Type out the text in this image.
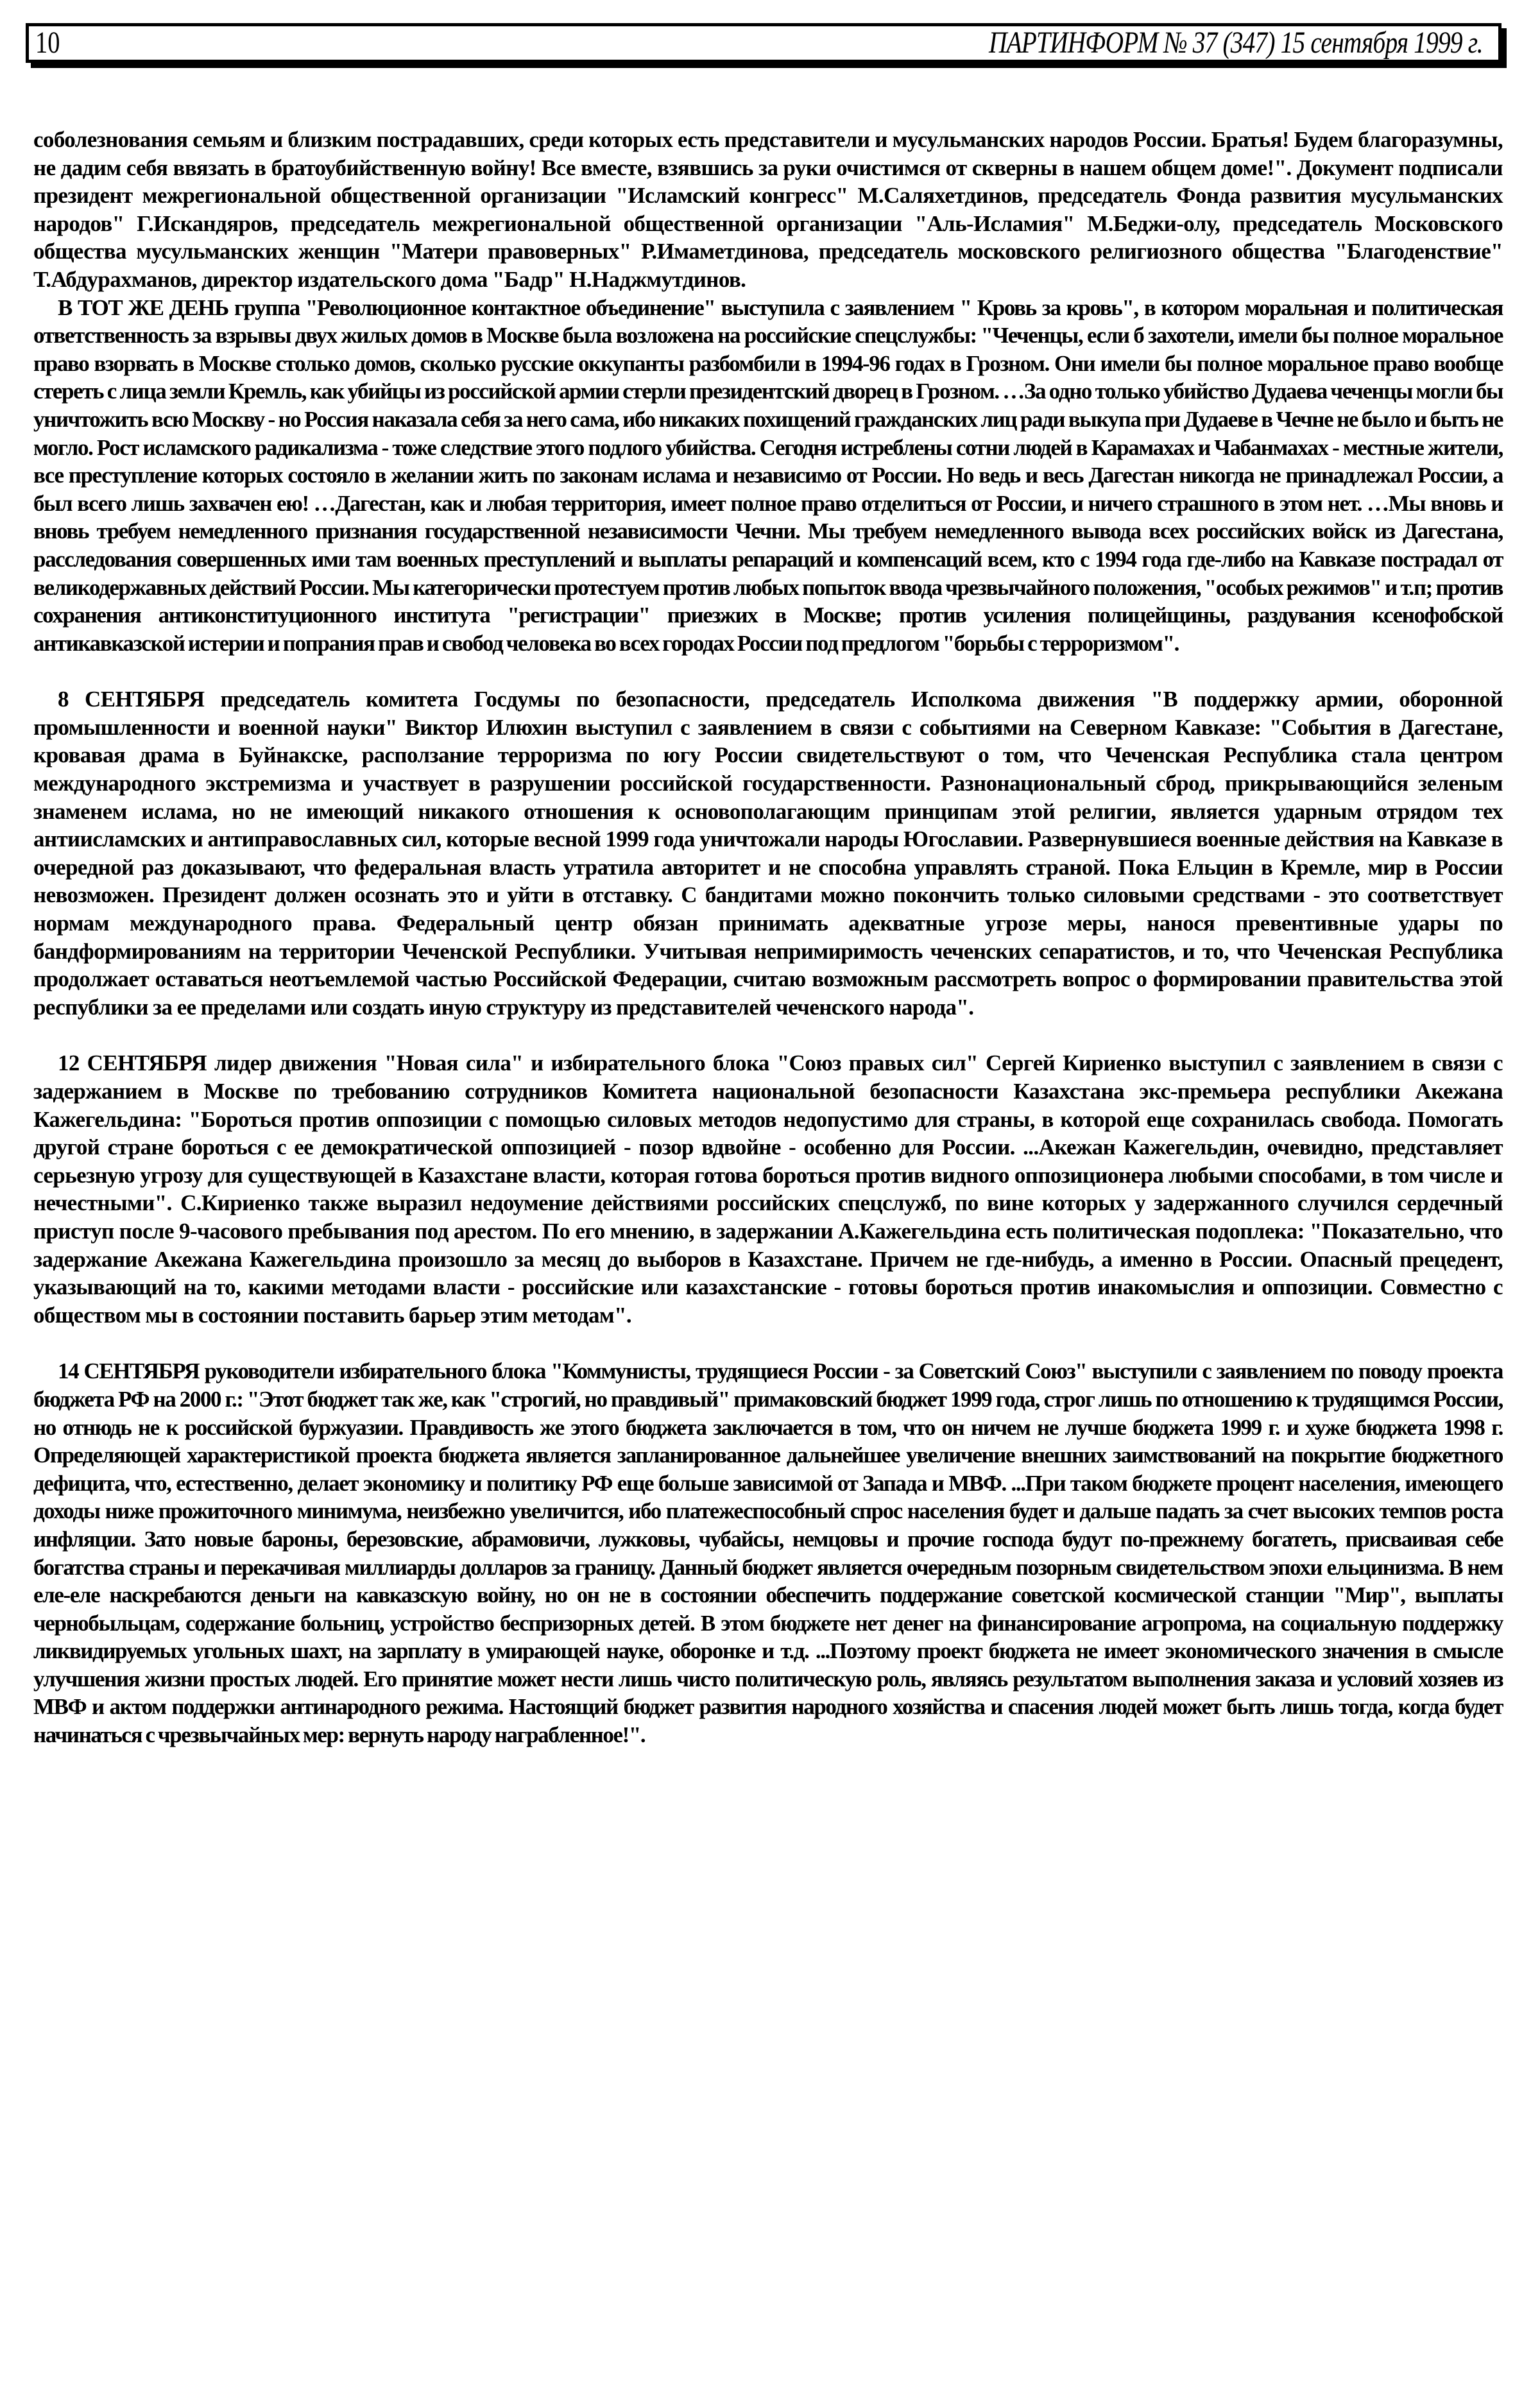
10	ПАРТИНФОРМ № 37 (347) 15 сентября 1999 г.

соболезнования семьям и близким пострадавших, среди которых есть представители и мусульманских народов России. Братья! Будем благоразумны, не дадим себя ввязать в братоубийственную войну! Все вместе, взявшись за руки очистимся от скверны в нашем общем доме!". Документ подписали президент межрегиональной общественной организации "Исламский конгресс" М.Саляхетдинов, председатель Фонда развития мусульманских народов" Г.Искандяров, председатель межрегиональной общественной организации "Аль-Исламия" М.Беджи-олу, председатель Московского общества мусульманских женщин "Матери правоверных" Р.Имаметдинова, председатель московского религиозного общества "Благоденствие" Т.Абдурахманов, директор издательского дома "Бадр" Н.Наджмутдинов.

В ТОТ ЖЕ ДЕНЬ группа "Революционное контактное объединение" выступила с заявлением " Кровь за кровь", в котором моральная и политическая ответственность за взрывы двух жилых домов в Москве была возложена на российские спецслужбы: "Чеченцы, если б захотели, имели бы полное моральное право взорвать в Москве столько домов, сколько русские оккупанты разбомбили в 1994-96 годах в Грозном. Они имели бы полное моральное право вообще стереть с лица земли Кремль, как убийцы из российской армии стерли президентский дворец в Грозном. …За одно только убийство Дудаева чеченцы могли бы уничтожить всю Москву - но Россия наказала себя за него сама, ибо никаких похищений гражданских лиц ради выкупа при Дудаеве в Чечне не было и быть не могло. Рост исламского радикализма - тоже следствие этого подлого убийства. Сегодня истреблены сотни людей в Карамахах и Чабанмахах - местные жители, все преступление которых состояло в желании жить по законам ислама и независимо от России. Но ведь и весь Дагестан никогда не принадлежал России, а был всего лишь захвачен ею! …Дагестан, как и любая территория, имеет полное право отделиться от России, и ничего страшного в этом нет. …Мы вновь и вновь требуем немедленного признания государственной независимости Чечни. Мы требуем немедленного вывода всех российских войск из Дагестана, расследования совершенных ими там военных преступлений и выплаты репараций и компенсаций всем, кто с 1994 года где-либо на Кавказе пострадал от великодержавных действий России. Мы категорически протестуем против любых попыток ввода чрезвычайного положения, "особых режимов" и т.п; против сохранения антиконституционного института "регистрации" приезжих в Москве; против усиления полицейщины, раздувания ксенофобской антикавказской истерии и попрания прав и свобод человека во всех городах России под предлогом "борьбы с терроризмом".

8 СЕНТЯБРЯ председатель комитета Госдумы по безопасности, председатель Исполкома движения "В поддержку армии, оборонной промышленности и военной науки" Виктор Илюхин выступил с заявлением в связи с событиями на Северном Кавказе: "События в Дагестане, кровавая драма в Буйнакске, расползание терроризма по югу России свидетельствуют о том, что Чеченская Республика стала центром международного экстремизма и участвует в разрушении российской государственности. Разнонациональный сброд, прикрывающийся зеленым знаменем ислама, но не имеющий никакого отношения к основополагающим принципам этой религии, является ударным отрядом тех антиисламских и антиправославных сил, которые весной 1999 года уничтожали народы Югославии. Развернувшиеся военные действия на Кавказе в очередной раз доказывают, что федеральная власть утратила авторитет и не способна управлять страной. Пока Ельцин в Кремле, мир в России невозможен. Президент должен осознать это и уйти в отставку. С бандитами можно покончить только силовыми средствами - это соответствует нормам международного права. Федеральный центр обязан принимать адекватные угрозе меры, нанося превентивные удары по бандформированиям на территории Чеченской Республики. Учитывая непримиримость чеченских сепаратистов, и то, что Чеченская Республика продолжает оставаться неотъемлемой частью Российской Федерации, считаю возможным рассмотреть вопрос о формировании правительства этой республики за ее пределами или создать иную структуру из представителей чеченского народа".

12 СЕНТЯБРЯ лидер движения "Новая сила" и избирательного блока "Союз правых сил" Сергей Кириенко выступил с заявлением в связи с задержанием в Москве по требованию сотрудников Комитета национальной безопасности Казахстана экс-премьера республики Акежана Кажегельдина: "Бороться против оппозиции с помощью силовых методов недопустимо для страны, в которой еще сохранилась свобода. Помогать другой стране бороться с ее демократической оппозицией - позор вдвойне - особенно для России. ...Акежан Кажегельдин, очевидно, представляет серьезную угрозу для существующей в Казахстане власти, которая готова бороться против видного оппозиционера любыми способами, в том числе и нечестными". С.Кириенко также выразил недоумение действиями российских спецслужб, по вине которых у задержанного случился сердечный приступ после 9-часового пребывания под арестом. По его мнению, в задержании А.Кажегельдина есть политическая подоплека: "Показательно, что задержание Акежана Кажегельдина произошло за месяц до выборов в Казахстане. Причем не где-нибудь, а именно в России. Опасный прецедент, указывающий на то, какими методами власти - российские или казахстанские - готовы бороться против инакомыслия и оппозиции. Совместно с обществом мы в состоянии поставить барьер этим методам".

14 СЕНТЯБРЯ руководители избирательного блока "Коммунисты, трудящиеся России - за Советский Союз" выступили с заявлением по поводу проекта бюджета РФ на 2000 г.: "Этот бюджет так же, как "строгий, но правдивый" примаковский бюджет 1999 года, строг лишь по отношению к трудящимся России, но отнюдь не к российской буржуазии. Правдивость же этого бюджета заключается в том, что он ничем не лучше бюджета 1999 г. и хуже бюджета 1998 г. Определяющей характеристикой проекта бюджета является запланированное дальнейшее увеличение внешних заимствований на покрытие бюджетного дефицита, что, естественно, делает экономику и политику РФ еще больше зависимой от Запада и МВФ. ...При таком бюджете процент населения, имеющего доходы ниже прожиточного минимума, неизбежно увеличится, ибо платежеспособный спрос населения будет и дальше падать за счет высоких темпов роста инфляции. Зато новые бароны, березовские, абрамовичи, лужковы, чубайсы, немцовы и прочие господа будут по-прежнему богатеть, присваивая себе богатства страны и перекачивая миллиарды долларов за границу. Данный бюджет является очередным позорным свидетельством эпохи ельцинизма. В нем еле-еле наскребаются деньги на кавказскую войну, но он не в состоянии обеспечить поддержание советской космической станции "Мир", выплаты чернобыльцам, содержание больниц, устройство беспризорных детей. В этом бюджете нет денег на финансирование агропрома, на социальную поддержку ликвидируемых угольных шахт, на зарплату в умирающей науке, оборонке и т.д. ...Поэтому проект бюджета не имеет экономического значения в смысле улучшения жизни простых людей. Его принятие может нести лишь чисто политическую роль, являясь результатом выполнения заказа и условий хозяев из МВФ и актом поддержки антинародного режима. Настоящий бюджет развития народного хозяйства и спасения людей может быть лишь тогда, когда будет начинаться с чрезвычайных мер: вернуть народу награбленное!".
